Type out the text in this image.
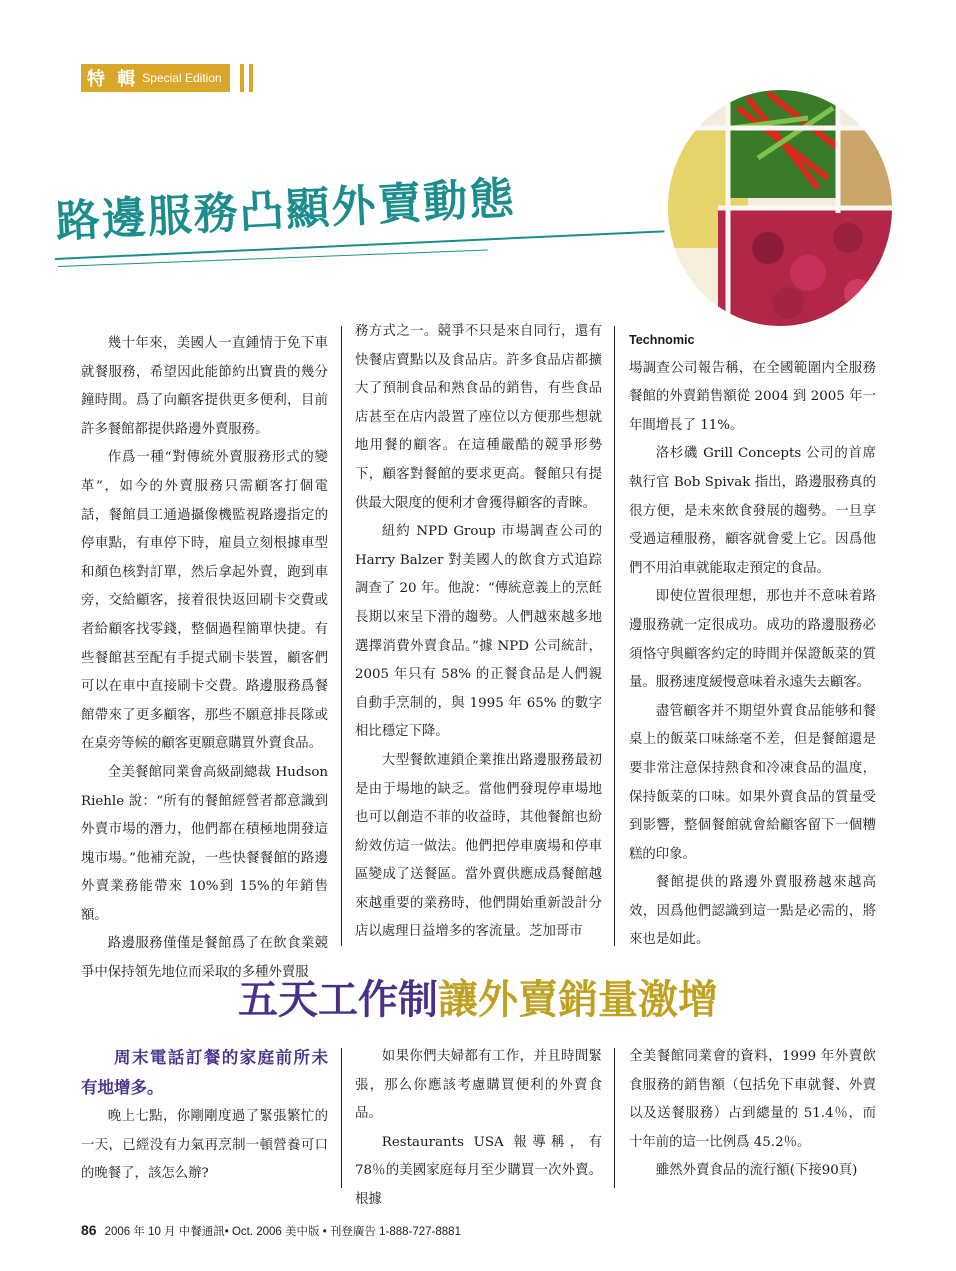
特 輯 Special Edition
路邊服務凸顯外賣動態

幾十年來，美國人一直鍾情于免下車就餐服務，希望因此能節約出寶貴的幾分鐘時間。爲了向顧客提供更多便利，目前許多餐館都提供路邊外賣服務。

作爲一種“對傳統外賣服務形式的變革”，如今的外賣服務只需顧客打個電話，餐館員工通過攝像機監視路邊指定的停車點，有車停下時，雇員立刻根據車型和顏色核對訂單，然后拿起外賣，跑到車旁，交給顧客，接着很快返回刷卡交費或者給顧客找零錢，整個過程簡單快捷。有些餐館甚至配有手提式刷卡裝置，顧客們可以在車中直接刷卡交費。路邊服務爲餐館帶來了更多顧客，那些不願意排長隊或在桌旁等候的顧客更願意購買外賣食品。

全美餐館同業會高級副總裁 Hudson Riehle 說：“所有的餐館經營者都意識到外賣市場的潛力，他們都在積極地開發這塊市場。”他補充說，一些快餐餐館的路邊外賣業務能帶來 10%到 15%的年銷售額。

路邊服務僅僅是餐館爲了在飲食業競爭中保持領先地位而采取的多種外賣服

務方式之一。競爭不只是來自同行，還有快餐店賣點以及食品店。許多食品店都擴大了預制食品和熟食品的銷售，有些食品店甚至在店内設置了座位以方便那些想就地用餐的顧客。在這種嚴酷的競爭形勢下，顧客對餐館的要求更高。餐館只有提供最大限度的便利才會獲得顧客的青睞。

紐約 NPD Group 市場調查公司的 Harry Balzer 對美國人的飲食方式追踪調查了 20 年。他說：“傳統意義上的烹飪長期以來呈下滑的趨勢。人們越來越多地選擇消費外賣食品。”據 NPD 公司統計，2005 年只有 58% 的正餐食品是人們親自動手烹制的，與 1995 年 65% 的數字相比穩定下降。

大型餐飲連鎖企業推出路邊服務最初是由于場地的缺乏。當他們發現停車場地也可以創造不菲的收益時，其他餐館也紛紛效仿這一做法。他們把停車廣場和停車區變成了送餐區。當外賣供應成爲餐館越來越重要的業務時，他們開始重新設計分店以處理日益增多的客流量。芝加哥市

Technomic

場調查公司報告稱，在全國範圍内全服務餐館的外賣銷售額從 2004 到 2005 年一年間增長了 11%。

洛杉磯 Grill Concepts 公司的首席執行官 Bob Spivak 指出，路邊服務真的很方便，是未來飲食發展的趨勢。一旦享受過這種服務，顧客就會愛上它。因爲他們不用泊車就能取走預定的食品。

即使位置很理想，那也并不意味着路邊服務就一定很成功。成功的路邊服務必須恪守與顧客約定的時間并保證飯菜的質量。服務速度緩慢意味着永遠失去顧客。

盡管顧客并不期望外賣食品能够和餐桌上的飯菜口味絲毫不差，但是餐館還是要非常注意保持熱食和冷凍食品的温度，保持飯菜的口味。如果外賣食品的質量受到影響，整個餐館就會給顧客留下一個糟糕的印象。

餐館提供的路邊外賣服務越來越高效，因爲他們認識到這一點是必需的，將來也是如此。

五天工作制讓外賣銷量激增

周末電話訂餐的家庭前所未有地增多。

晚上七點，你剛剛度過了緊張繁忙的一天，已經没有力氣再烹制一頓營養可口的晚餐了，該怎么辦?

如果你們夫婦都有工作，并且時間緊張，那么你應該考慮購買便利的外賣食品。

Restaurants USA 報導稱，有 78％的美國家庭每月至少購買一次外賣。根據

全美餐館同業會的資料，1999 年外賣飲食服務的銷售額（包括免下車就餐、外賣以及送餐服務）占到總量的 51.4％，而十年前的這一比例爲 45.2％。

雖然外賣食品的流行額(下接90頁)

86 2006 年 10 月 中餐通訊• Oct. 2006 美中版 • 刊登廣告 1-888-727-8881
